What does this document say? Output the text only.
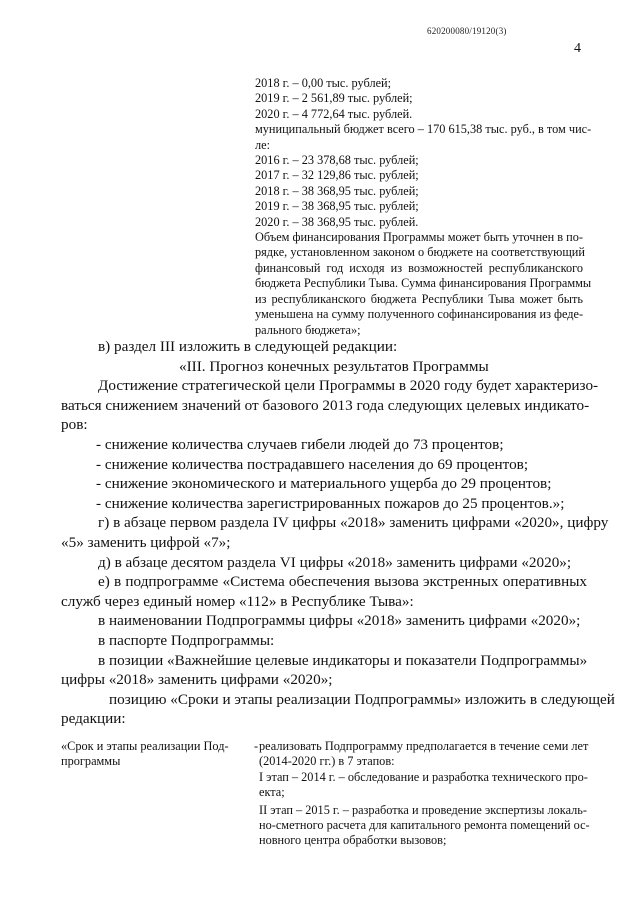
620200080/19120(3)
4
2018 г. – 0,00 тыс. рублей;
2019 г. – 2 561,89 тыс. рублей;
2020 г. – 4 772,64 тыс. рублей.
муниципальный бюджет всего – 170 615,38 тыс. руб., в том чис-
ле:
2016 г. – 23 378,68 тыс. рублей;
2017 г. – 32 129,86 тыс. рублей;
2018 г. – 38 368,95 тыс. рублей;
2019 г. – 38 368,95 тыс. рублей;
2020 г. – 38 368,95 тыс. рублей.
Объем финансирования Программы может быть уточнен в по-
рядке, установленном законом о бюджете на соответствующий
финансовый год исходя из возможностей республиканского
бюджета Республики Тыва. Сумма финансирования Программы
из республиканского бюджета Республики Тыва может быть
уменьшена на сумму полученного софинансирования из феде-
рального бюджета»;
в) раздел III изложить в следующей редакции:
«III. Прогноз конечных результатов Программы
Достижение стратегической цели Программы в 2020 году будет характеризо-
ваться снижением значений от базового 2013 года следующих целевых индикато-
ров:
- снижение количества случаев гибели людей до 73 процентов;
- снижение количества пострадавшего населения до 69 процентов;
- снижение экономического и материального ущерба до 29 процентов;
- снижение количества зарегистрированных пожаров до 25 процентов.»;
г) в абзаце первом раздела IV цифры «2018» заменить цифрами «2020», цифру
«5» заменить цифрой «7»;
д) в абзаце десятом раздела VI цифры «2018» заменить цифрами «2020»;
е) в подпрограмме «Система обеспечения вызова экстренных оперативных
служб через единый номер «112» в Республике Тыва»:
в наименовании Подпрограммы цифры «2018» заменить цифрами «2020»;
в паспорте Подпрограммы:
в позиции «Важнейшие целевые индикаторы и показатели Подпрограммы»
цифры «2018» заменить цифрами «2020»;
позицию «Сроки и этапы реализации Подпрограммы» изложить в следующей
редакции:
«Срок и этапы реализации Под-
программы
- реализовать Подпрограмму предполагается в течение семи лет
(2014-2020 гг.) в 7 этапов:
I этап – 2014 г. – обследование и разработка технического про-
екта;
II этап – 2015 г. – разработка и проведение экспертизы локаль-
но-сметного расчета для капитального ремонта помещений ос-
новного центра обработки вызовов;
